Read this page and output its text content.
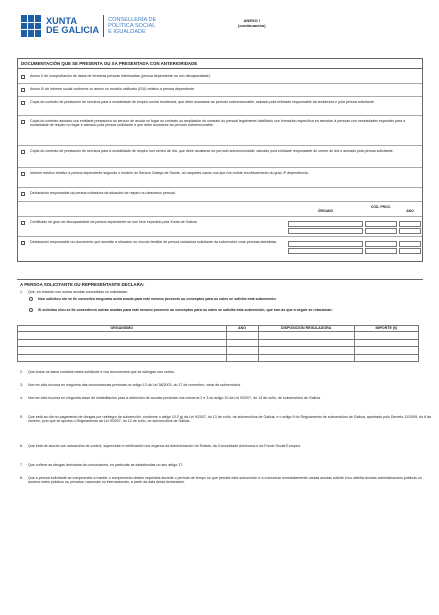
XUNTA
DE GALICIA
CONSELLERÍA DE
POLÍTICA SOCIAL
E IGUALDADE
ANEXO I
(continuación)
DOCUMENTACIÓN QUE SE PRESENTA OU XA PRESENTADA CON ANTERIORIDADE
Anexo II de comprobación de datos de terceiras persoas interesadas (persoa dependente ou con discapacidade).
Anexo III de informe social conforme co anexo ou modelo unificado (ISU) relativo á persoa dependente.
Copia do contrato de prestación de servizos para a modalidade de respiro nunha residencia, que debe axustarse ao período subvencionable, asinado pola entidade responsable da residencia e pola persoa solicitante.
Copia do contrato asinado coa entidade prestadora do servizo de axuda no fogar ou contrato ou ampliación do contrato do persoal legalmente habilitado con formación específica en atención á persoas con necesidades especiais para a modalidade de respiro no fogar e asinado pola persoa solicitante e que debe axustarse ao período subvencionable.
Copia do contrato de prestación de servizos para a modalidade de respiro nun centro de día, que debe axustarse ao período subvencionable, asinado pola entidade responsable do centro de día e asinado pola persoa solicitante.
Informe médico relativo á persoa dependente segundo o modelo do Servizo Galego de Saúde, só naqueles casos nos que non existe recoñecemento do grao 4º dependencia.
Declaración responsable da persoa coidadora da situación de respiro ou descanso persoal.
ÓRGANO
CÓD. PROC.
ANO
Certificado de grao de discapacidade da persoa dependente se non foxe expedido pola Xunta de Galicia.
Declaración responsable ou documento que acredite a situación ou vínculo familiar de persoa coidadora solicitante da subvención coas persoas atendidas.
A PERSOA SOLICITANTE OU REPRESENTANTE DECLARA:
1.	Que, en relación con outras axudas concedidas ou solicitadas:
Non solicitou nin se lle concedeu ningunha outra axuda para este mesmo proxecto ou conceptos para os cales se solicita esta subvención.
Si solicitou e/ou se lle concederon outras axudas para este mesmo proxecto ou conceptos para os cales se solicita esta subvención, que son as que a seguir se relacionan:
ORGANISMO	ANO	DISPOSICIÓN REGULADORA	IMPORTE (€)

2.	Que todos os datos contidos nesta solicitude e nos documentos que se achegan son certos.
3.	Non ter sido incursa en ningunha das circunstancias previstas no artigo 13 da Lei 38/2003, do 17 de novembro, xeral de subvencións.
4.	Non ter sido incursa en ningunha clase de inhabilitación para a obtención de axudas previstas nos números 2 e 3 do artigo 10 da Lei 9/2007, do 13 de xuño, de subvencións de Galicia.
5.	Que está ao día no pagamento de obrigas por reintegro de subvención, conforme o artigo 10.2.g) da Lei 9/2007, do 13 de xuño, de subvencións de Galicia, e o artigo 9 do Regulamento de subvencións de Galicia, aprobado polo Decreto 11/2009, do 8 de xaneiro, polo que se aproba o Regulamento da Lei 9/2007, do 13 de xuño, de subvencións de Galicia.
6.	Que está de acordo con actuacións de control, supervisión e verificación dos órganos da Administración do Estado, da Comunidade Autónoma e do Fondo Social Europeo.
7.	Que coñece as obrigas derivadas da convocatoria, en particular as establecidas no seu artigo 17.
8.	Que a persoa solicitante se compromete a manter o cumprimento destes requisitos durante o período de tempo no que percibe esta subvención e a comunicar inmediatamente cantas axudas solicite e/ou obteña doutras administracións públicas ou doutros entes públicos ou privados, nacionais ou internacionais, a partir da data desta declaración.
